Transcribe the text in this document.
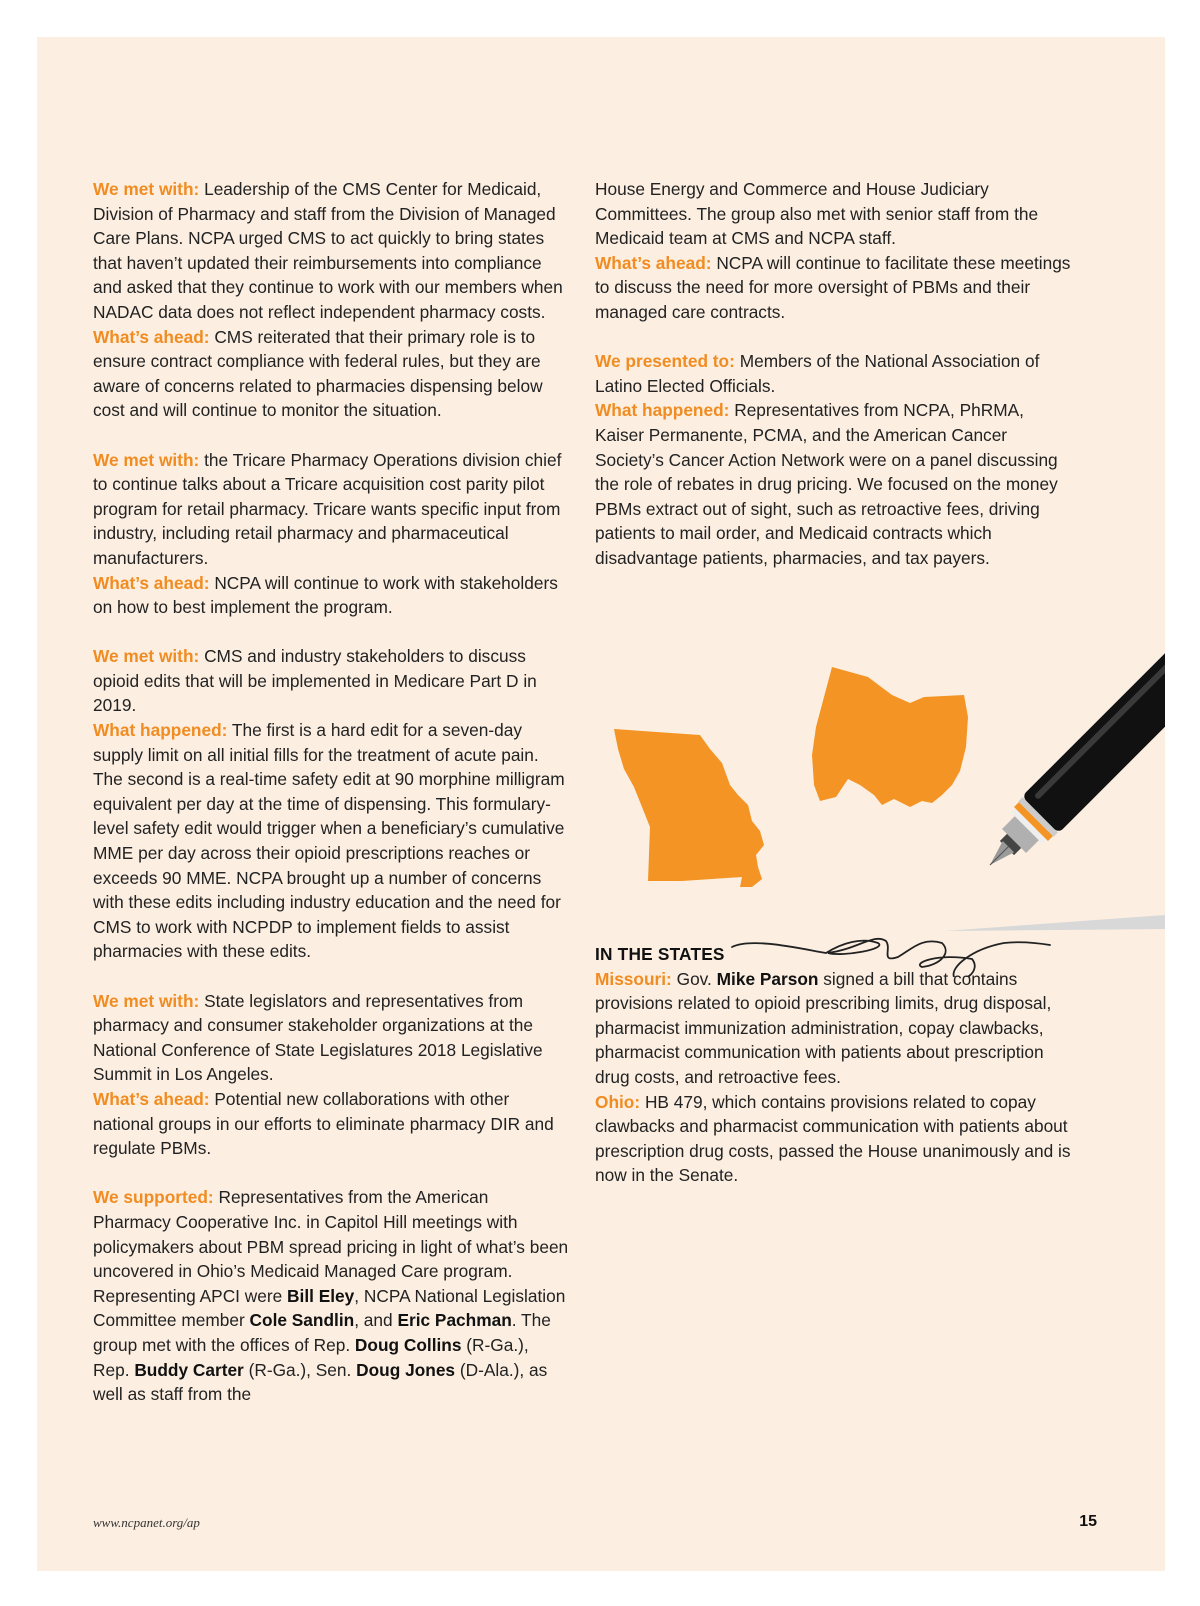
We met with: Leadership of the CMS Center for Medicaid, Division of Pharmacy and staff from the Division of Managed Care Plans. NCPA urged CMS to act quickly to bring states that haven’t updated their reimbursements into compliance and asked that they continue to work with our members when NADAC data does not reflect independent pharmacy costs.
What’s ahead: CMS reiterated that their primary role is to ensure contract compliance with federal rules, but they are aware of concerns related to pharmacies dispensing below cost and will continue to monitor the situation.

We met with: the Tricare Pharmacy Operations division chief to continue talks about a Tricare acquisition cost parity pilot program for retail pharmacy. Tricare wants specific input from industry, including retail pharmacy and pharmaceutical manufacturers.
What’s ahead: NCPA will continue to work with stakeholders on how to best implement the program.

We met with: CMS and industry stakeholders to discuss opioid edits that will be implemented in Medicare Part D in 2019.
What happened: The first is a hard edit for a seven-day supply limit on all initial fills for the treatment of acute pain. The second is a real-time safety edit at 90 morphine milligram equivalent per day at the time of dispensing. This formulary-level safety edit would trigger when a beneficiary’s cumulative MME per day across their opioid prescriptions reaches or exceeds 90 MME. NCPA brought up a number of concerns with these edits including industry education and the need for CMS to work with NCPDP to implement fields to assist pharmacies with these edits.

We met with: State legislators and representatives from pharmacy and consumer stakeholder organizations at the National Conference of State Legislatures 2018 Legislative Summit in Los Angeles.
What’s ahead: Potential new collaborations with other national groups in our efforts to eliminate pharmacy DIR and regulate PBMs.

We supported: Representatives from the American Pharmacy Cooperative Inc. in Capitol Hill meetings with policymakers about PBM spread pricing in light of what’s been uncovered in Ohio’s Medicaid Managed Care program. Representing APCI were Bill Eley, NCPA National Legislation Committee member Cole Sandlin, and Eric Pachman. The group met with the offices of Rep. Doug Collins (R-Ga.), Rep. Buddy Carter (R-Ga.), Sen. Doug Jones (D-Ala.), as well as staff from the

House Energy and Commerce and House Judiciary Committees. The group also met with senior staff from the Medicaid team at CMS and NCPA staff.
What’s ahead: NCPA will continue to facilitate these meetings to discuss the need for more oversight of PBMs and their managed care contracts.

We presented to: Members of the National Association of Latino Elected Officials.
What happened: Representatives from NCPA, PhRMA, Kaiser Permanente, PCMA, and the American Cancer Society’s Cancer Action Network were on a panel discussing the role of rebates in drug pricing. We focused on the money PBMs extract out of sight, such as retroactive fees, driving patients to mail order, and Medicaid contracts which disadvantage patients, pharmacies, and tax payers.

IN THE STATES

Missouri: Gov. Mike Parson signed a bill that contains provisions related to opioid prescribing limits, drug disposal, pharmacist immunization administration, copay clawbacks, pharmacist communication with patients about prescription drug costs, and retroactive fees.
Ohio: HB 479, which contains provisions related to copay clawbacks and pharmacist communication with patients about prescription drug costs, passed the House unanimously and is now in the Senate.

www.ncpanet.org/ap	15
